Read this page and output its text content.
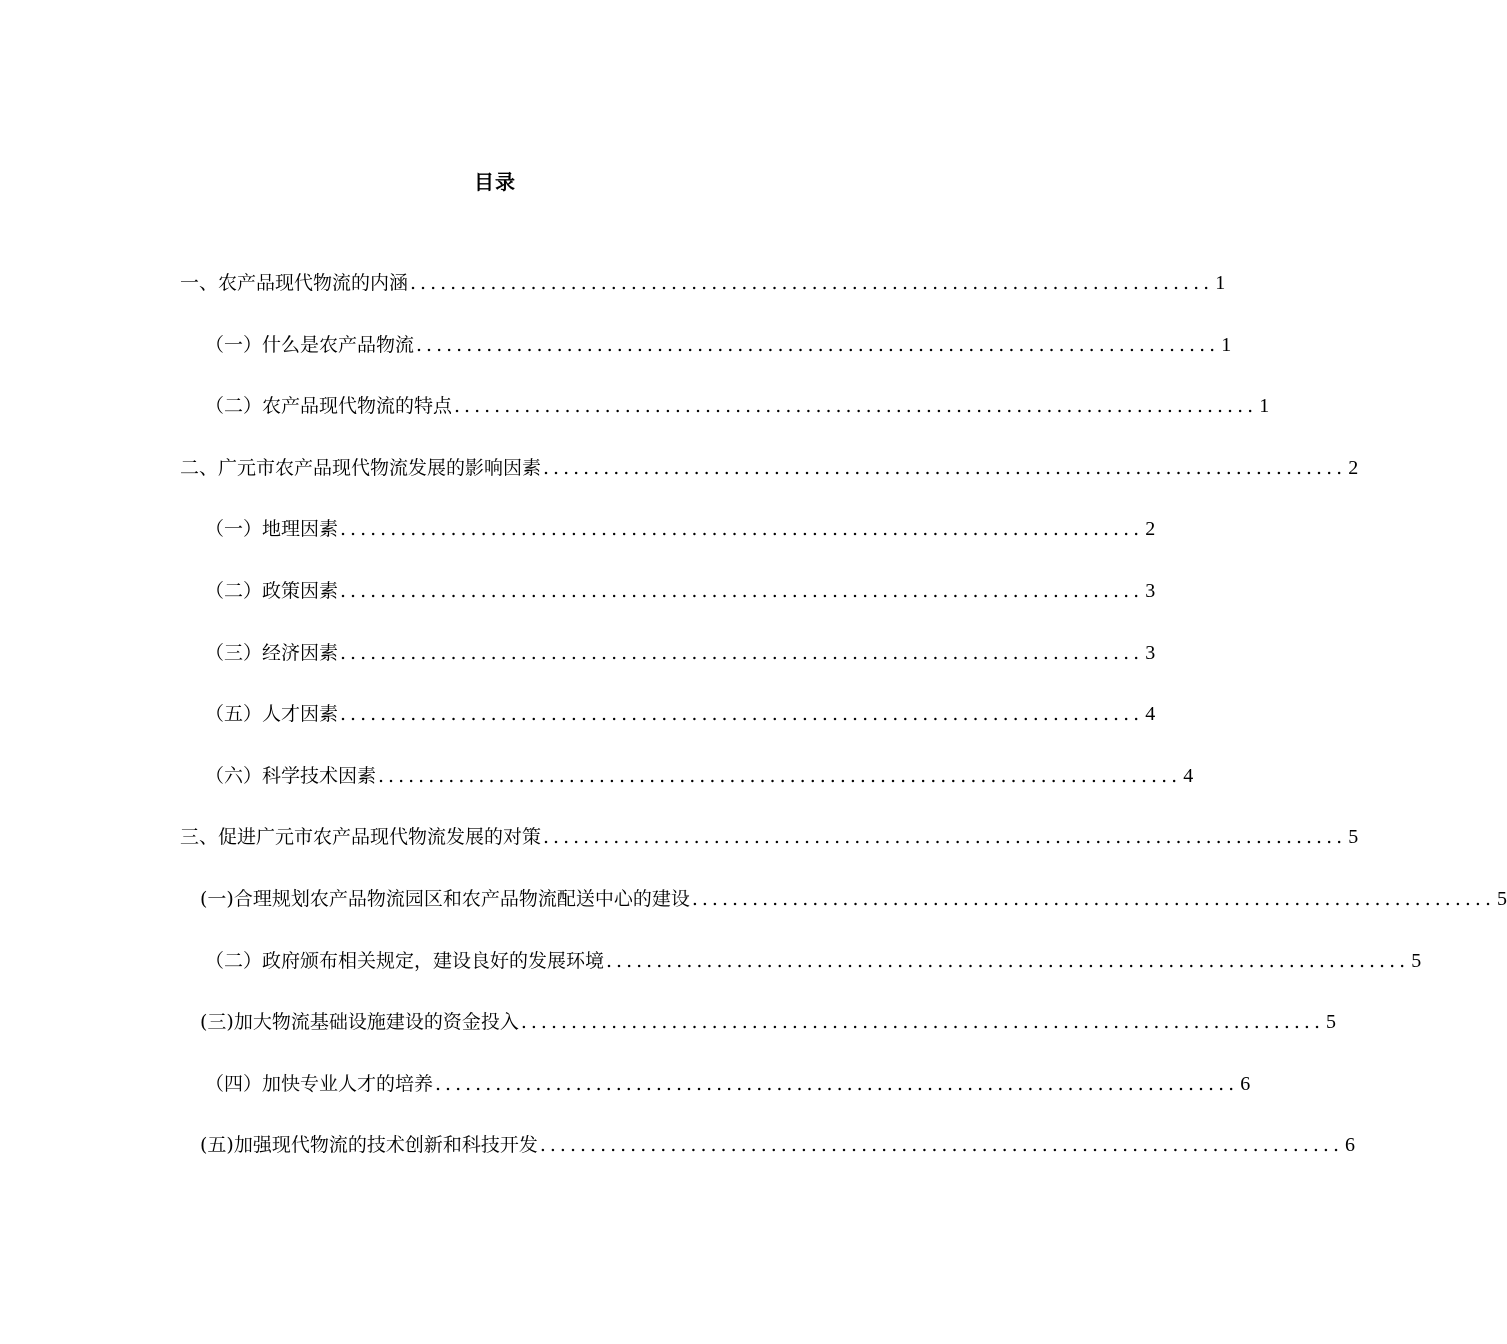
目录
一、农产品现代物流的内涵 ................................................................................ 1
（一）什么是农产品物流 ................................................................................ 1
（二）农产品现代物流的特点 ................................................................................ 1
二、广元市农产品现代物流发展的影响因素 ................................................................................ 2
（一）地理因素 ................................................................................ 2
（二）政策因素 ................................................................................ 3
（三）经济因素 ................................................................................ 3
（五）人才因素 ................................................................................ 4
（六）科学技术因素 ................................................................................ 4
三、促进广元市农产品现代物流发展的对策 ................................................................................ 5
(一)合理规划农产品物流园区和农产品物流配送中心的建设 ................................................................................ 5
（二）政府颁布相关规定，建设良好的发展环境 ................................................................................ 5
(三)加大物流基础设施建设的资金投入 ................................................................................ 5
（四）加快专业人才的培养 ................................................................................ 6
(五)加强现代物流的技术创新和科技开发 ................................................................................ 6
